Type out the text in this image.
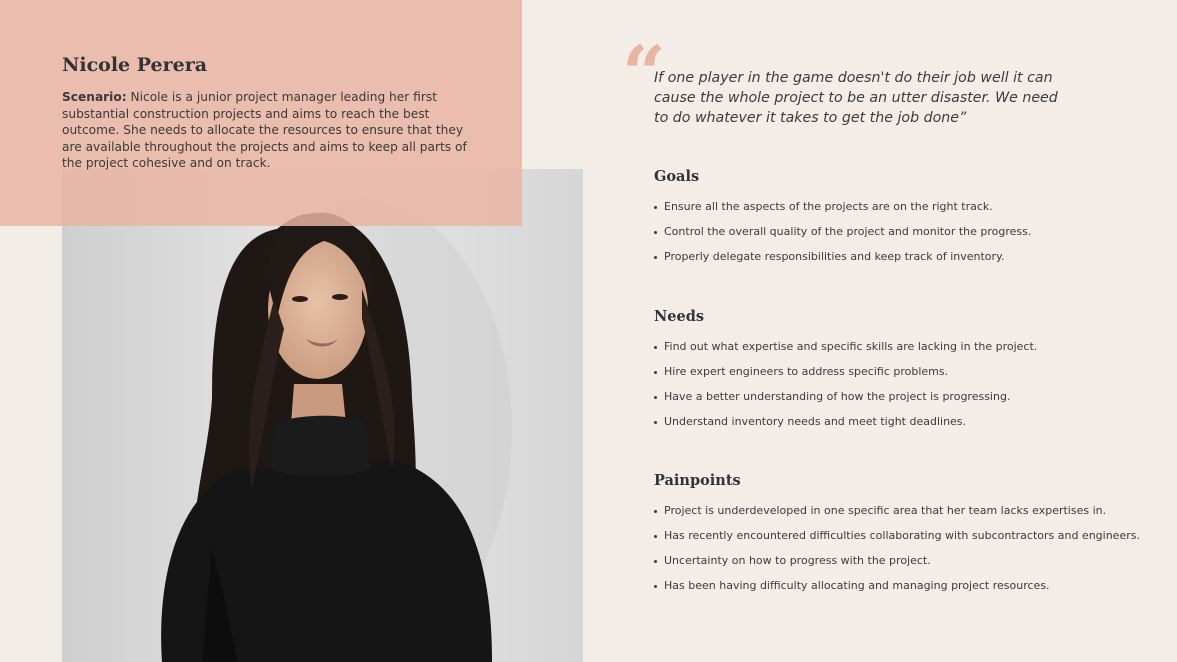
Nicole Perera

Scenario: Nicole is a junior project manager leading her first substantial construction projects and aims to reach the best outcome. She needs to allocate the resources to ensure that they are available throughout the projects and aims to keep all parts of the project cohesive and on track.

“

If one player in the game doesn't do their job well it can cause the whole project to be an utter disaster. We need to do whatever it takes to get the job done”

Goals
Ensure all the aspects of the projects are on the right track.
Control the overall quality of the project and monitor the progress.
Properly delegate responsibilities and keep track of inventory.
Needs
Find out what expertise and specific skills are lacking in the project.
Hire expert engineers to address specific problems.
Have a better understanding of how the project is progressing.
Understand inventory needs and meet tight deadlines.
Painpoints
Project is underdeveloped in one specific area that her team lacks expertises in.
Has recently encountered difficulties collaborating with subcontractors and engineers.
Uncertainty on how to progress with the project.
Has been having difficulty allocating and managing project resources.
